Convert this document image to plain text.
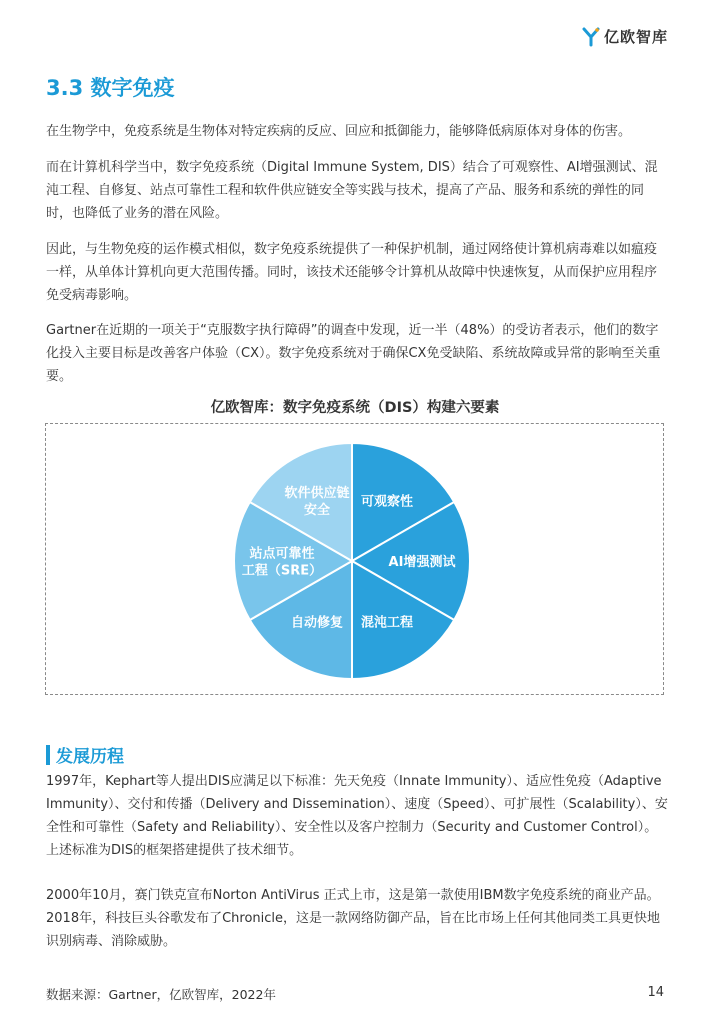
亿欧智库
3.3 数字免疫

在生物学中，免疫系统是生物体对特定疾病的反应、回应和抵御能力，能够降低病原体对身体的伤害。

而在计算机科学当中，数字免疫系统（Digital Immune System, DIS）结合了可观察性、AI增强测试、混沌工程、自修复、站点可靠性工程和软件供应链安全等实践与技术，提高了产品、服务和系统的弹性的同时，也降低了业务的潜在风险。

因此，与生物免疫的运作模式相似，数字免疫系统提供了一种保护机制，通过网络使计算机病毒难以如瘟疫一样，从单体计算机向更大范围传播。同时，该技术还能够令计算机从故障中快速恢复，从而保护应用程序免受病毒影响。

Gartner在近期的一项关于“克服数字执行障碍”的调查中发现，近一半（48%）的受访者表示，他们的数字化投入主要目标是改善客户体验（CX）。数字免疫系统对于确保CX免受缺陷、系统故障或异常的影响至关重要。

亿欧智库：数字免疫系统（DIS）构建六要素
可观察性
AI增强测试
混沌工程
自动修复
站点可靠性
工程（SRE）
软件供应链
安全
发展历程

1997年，Kephart等人提出DIS应满足以下标准：先天免疫（Innate Immunity）、适应性免疫（Adaptive Immunity）、交付和传播（Delivery and Dissemination）、速度（Speed）、可扩展性（Scalability）、安全性和可靠性（Safety and Reliability）、安全性以及客户控制力（Security and Customer Control）。上述标准为DIS的框架搭建提供了技术细节。

2000年10月，赛门铁克宣布Norton AntiVirus 正式上市，这是第一款使用IBM数字免疫系统的商业产品。2018年，科技巨头谷歌发布了Chronicle，这是一款网络防御产品，旨在比市场上任何其他同类工具更快地识别病毒、消除威胁。

数据来源：Gartner，亿欧智库，2022年	14
